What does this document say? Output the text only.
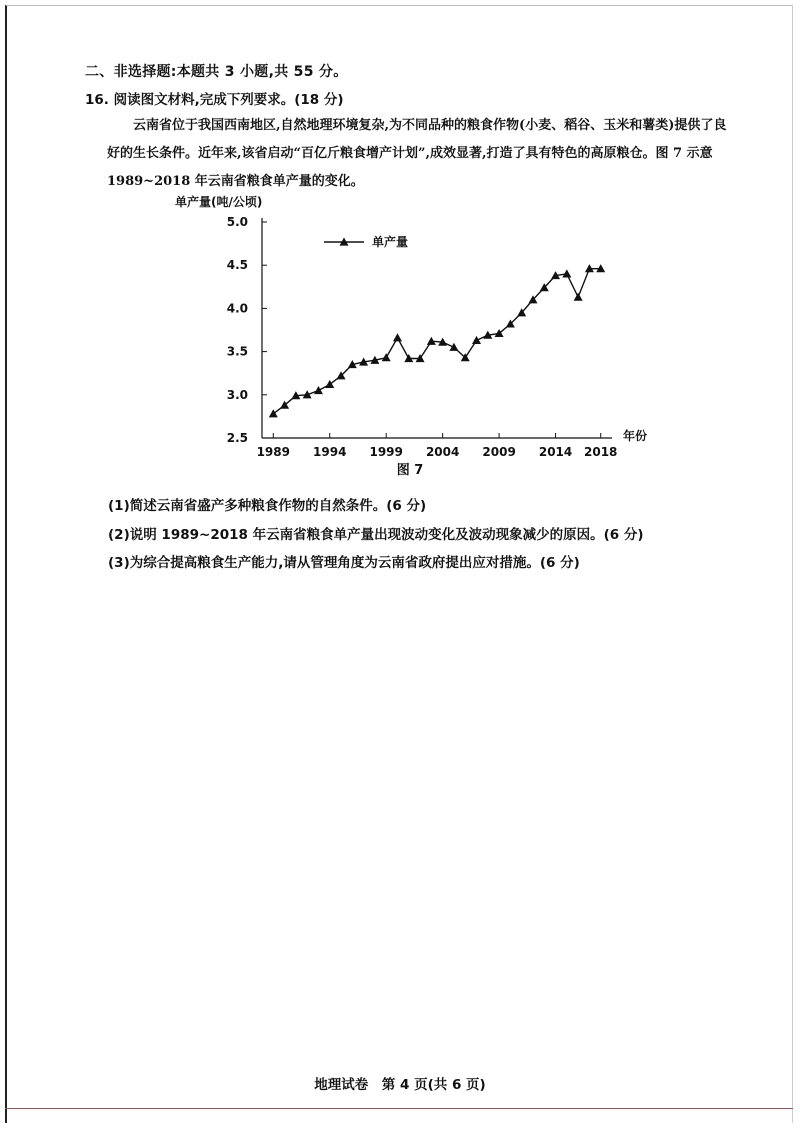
二、非选择题:本题共 3 小题,共 55 分。
16. 阅读图文材料,完成下列要求。(18 分)
云南省位于我国西南地区,自然地理环境复杂,为不同品种的粮食作物(小麦、稻谷、玉米和薯类)提供了良好的生长条件。近年来,该省启动“百亿斤粮食增产计划”,成效显著,打造了具有特色的高原粮仓。图 7 示意 1989~2018 年云南省粮食单产量的变化。
2.5
3.0
3.5
4.0
4.5
5.0
1989 1994 1999 2004 2009 2014 2018
单产量
单产量(吨/公顷)
年份
图 7
(1)简述云南省盛产多种粮食作物的自然条件。(6 分)
(2)说明 1989~2018 年云南省粮食单产量出现波动变化及波动现象减少的原因。(6 分)
(3)为综合提高粮食生产能力,请从管理角度为云南省政府提出应对措施。(6 分)
地理试卷　第 4 页(共 6 页)
